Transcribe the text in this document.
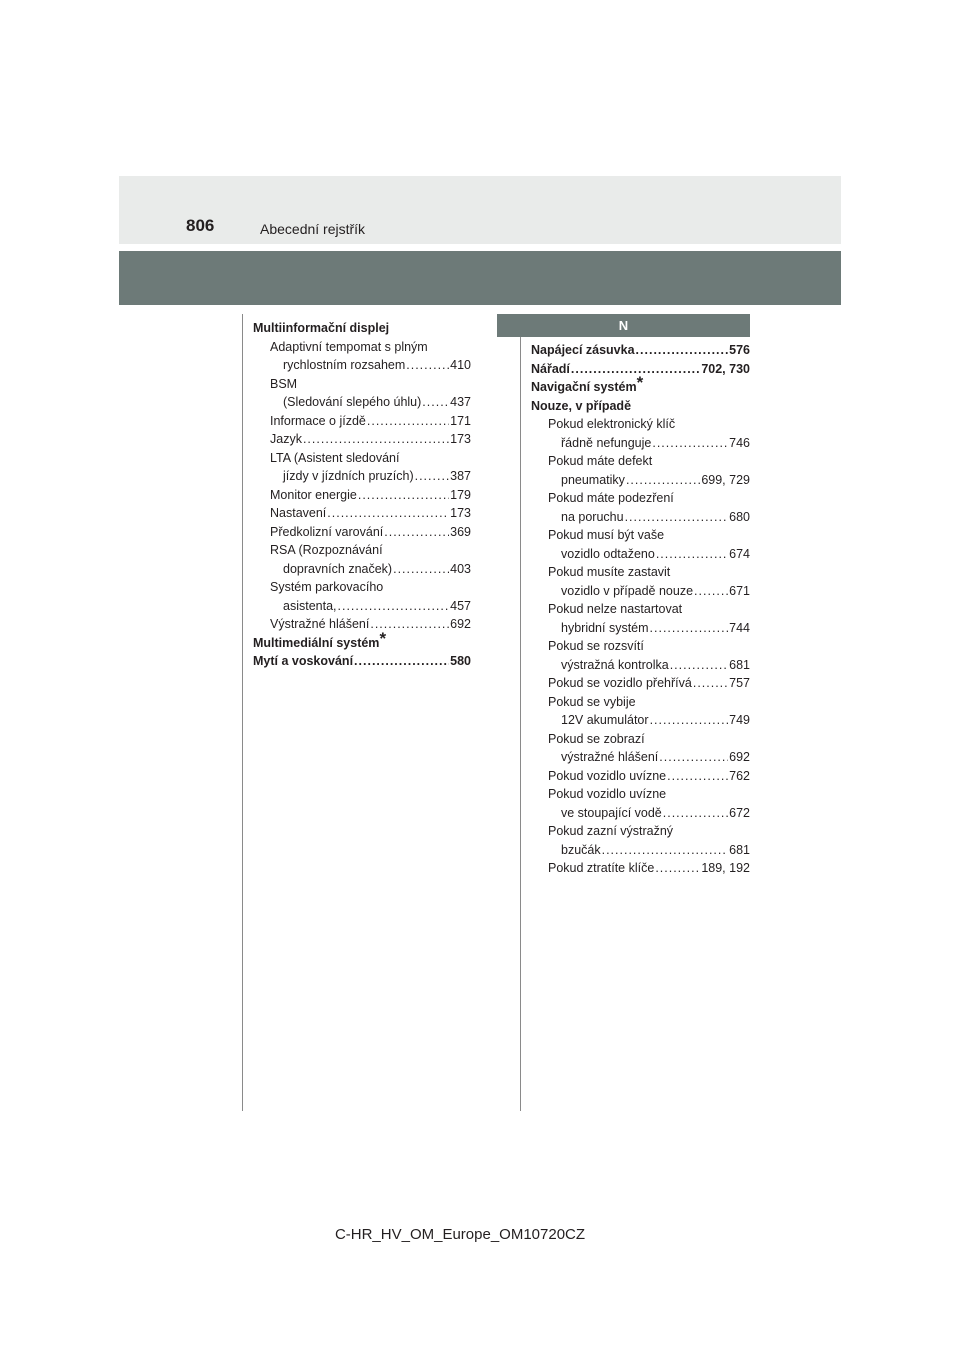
806	Abecední rejstřík
Multiinformační displej
Adaptivní tempomat s plným
rychlostním rozsahem .....	410
BSM
(Sledování slepého úhlu) ..... 437
Informace o jízdě .....	171
Jazyk .....	173
LTA (Asistent sledování
jízdy v jízdních pruzích) .....	387
Monitor energie .....	179
Nastavení .....	173
Předkolizní varování .....	369
RSA (Rozpoznávání
dopravních značek) .....	403
Systém parkovacího
asistenta, .....	457
Výstražné hlášení .....	692
Multimediální systém*
Mytí a voskování .....	580
N
Napájecí zásuvka .....	576
Nářadí .....	702, 730
Navigační systém*
Nouze, v případě
Pokud elektronický klíč
řádně nefunguje .....	746
Pokud máte defekt
pneumatiky .....	699, 729
Pokud máte podezření
na poruchu .....	680
Pokud musí být vaše
vozidlo odtaženo .....	674
Pokud musíte zastavit
vozidlo v případě nouze .....	671
Pokud nelze nastartovat
hybridní systém .....	744
Pokud se rozsvítí
výstražná kontrolka .....	681
Pokud se vozidlo přehřívá .....	757
Pokud se vybije
12V akumulátor .....	749
Pokud se zobrazí
výstražné hlášení .....	692
Pokud vozidlo uvízne .....	762
Pokud vozidlo uvízne
ve stoupající vodě .....	672
Pokud zazní výstražný
bzučák .....	681
Pokud ztratíte klíče .....	189, 192
C-HR_HV_OM_Europe_OM10720CZ
